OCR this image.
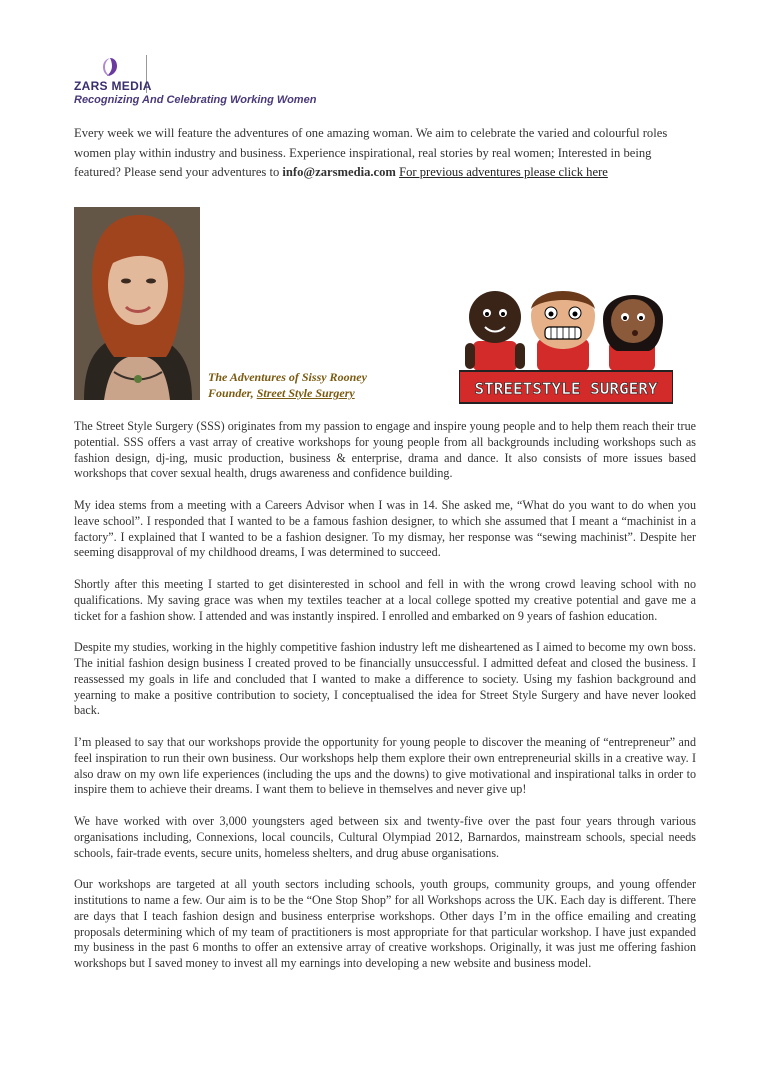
ZARS MEDIA
Recognizing And Celebrating Working Women
Every week we will feature the adventures of one amazing woman. We aim to celebrate the varied and colourful roles women play within industry and business. Experience inspirational, real stories by real women; Interested in being featured? Please send your adventures to info@zarsmedia.com For previous adventures please click here
The Adventures of Sissy Rooney
Founder, Street Style Surgery	STREETSTYLE SURGERY

The Street Style Surgery (SSS) originates from my passion to engage and inspire young people and to help them reach their true potential. SSS offers a vast array of creative workshops for young people from all backgrounds including workshops such as fashion design, dj-ing, music production, business & enterprise, drama and dance. It also consists of more issues based workshops that cover sexual health, drugs awareness and confidence building.

My idea stems from a meeting with a Careers Advisor when I was in 14. She asked me, “What do you want to do when you leave school”. I responded that I wanted to be a famous fashion designer, to which she assumed that I meant a “machinist in a factory”. I explained that I wanted to be a fashion designer. To my dismay, her response was “sewing machinist”. Despite her seeming disapproval of my childhood dreams, I was determined to succeed.

Shortly after this meeting I started to get disinterested in school and fell in with the wrong crowd leaving school with no qualifications. My saving grace was when my textiles teacher at a local college spotted my creative potential and gave me a ticket for a fashion show. I attended and was instantly inspired. I enrolled and embarked on 9 years of fashion education.

Despite my studies, working in the highly competitive fashion industry left me disheartened as I aimed to become my own boss. The initial fashion design business I created proved to be financially unsuccessful. I admitted defeat and closed the business. I reassessed my goals in life and concluded that I wanted to make a difference to society. Using my fashion background and yearning to make a positive contribution to society, I conceptualised the idea for Street Style Surgery and have never looked back.

I’m pleased to say that our workshops provide the opportunity for young people to discover the meaning of “entrepreneur” and feel inspiration to run their own business. Our workshops help them explore their own entrepreneurial skills in a creative way. I also draw on my own life experiences (including the ups and the downs) to give motivational and inspirational talks in order to inspire them to achieve their dreams. I want them to believe in themselves and never give up!

We have worked with over 3,000 youngsters aged between six and twenty-five over the past four years through various organisations including, Connexions, local councils, Cultural Olympiad 2012, Barnardos, mainstream schools, special needs schools, fair-trade events, secure units, homeless shelters, and drug abuse organisations.

Our workshops are targeted at all youth sectors including schools, youth groups, community groups, and young offender institutions to name a few. Our aim is to be the “One Stop Shop” for all Workshops across the UK. Each day is different. There are days that I teach fashion design and business enterprise workshops. Other days I’m in the office emailing and creating proposals determining which of my team of practitioners is most appropriate for that particular workshop. I have just expanded my business in the past 6 months to offer an extensive array of creative workshops. Originally, it was just me offering fashion workshops but I saved money to invest all my earnings into developing a new website and business model.
